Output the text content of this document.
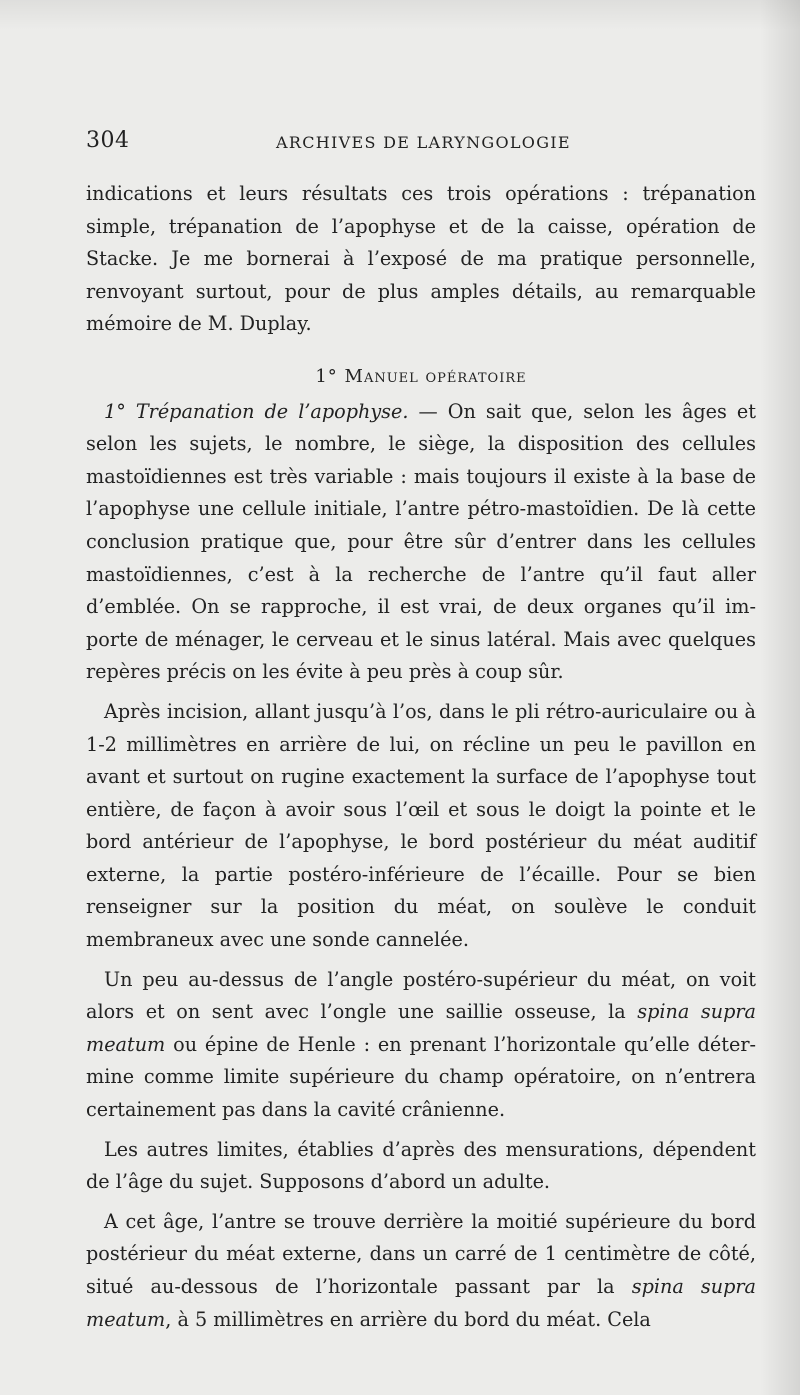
304	ARCHIVES DE LARYNGOLOGIE

indications et leurs résultats ces trois opérations : trépanation simple, trépanation de l’apophyse et de la caisse, opération de Stacke. Je me bornerai à l’exposé de ma pratique personnelle, renvoyant surtout, pour de plus amples détails, au remarquable mémoire de M. Duplay.

1° Manuel opératoire

1° Trépanation de l’apophyse. — On sait que, selon les âges et selon les sujets, le nombre, le siège, la disposition des cellules mastoïdiennes est très variable : mais toujours il existe à la base de l’apophyse une cellule initiale, l’antre pétro-mastoïdien. De là cette conclusion pratique que, pour être sûr d’entrer dans les cellules mastoïdiennes, c’est à la recherche de l’antre qu’il faut aller d’emblée. On se rapproche, il est vrai, de deux organes qu’il importe de ménager, le cerveau et le sinus latéral. Mais avec quelques repères précis on les évite à peu près à coup sûr.

Après incision, allant jusqu’à l’os, dans le pli rétro-auriculaire ou à 1-2 millimètres en arrière de lui, on récline un peu le pavillon en avant et surtout on rugine exactement la surface de l’apophyse tout entière, de façon à avoir sous l’œil et sous le doigt la pointe et le bord antérieur de l’apophyse, le bord postérieur du méat auditif externe, la partie postéro-inférieure de l’écaille. Pour se bien renseigner sur la position du méat, on soulève le conduit membraneux avec une sonde cannelée.

Un peu au-dessus de l’angle postéro-supérieur du méat, on voit alors et on sent avec l’ongle une saillie osseuse, la spina supra meatum ou épine de Henle : en prenant l’horizontale qu’elle détermine comme limite supérieure du champ opératoire, on n’entrera certainement pas dans la cavité crânienne.

Les autres limites, établies d’après des mensurations, dépendent de l’âge du sujet. Supposons d’abord un adulte.

A cet âge, l’antre se trouve derrière la moitié supérieure du bord postérieur du méat externe, dans un carré de 1 centimètre de côté, situé au-dessous de l’horizontale passant par la spina supra meatum, à 5 millimètres en arrière du bord du méat. Cela
